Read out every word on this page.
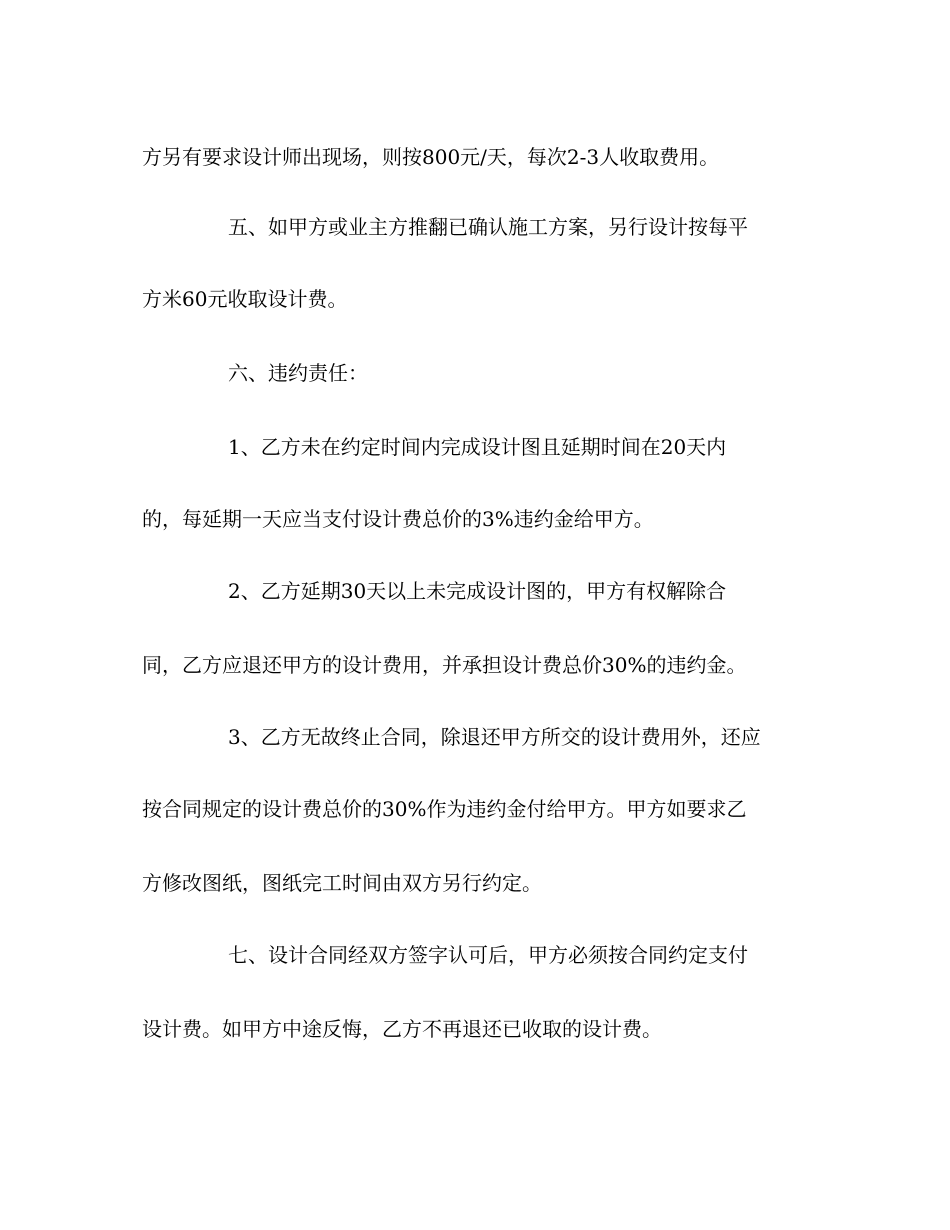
方另有要求设计师出现场，则按800元/天，每次2-3人收取费用。
五、如甲方或业主方推翻已确认施工方案，另行设计按每平
方米60元收取设计费。
六、违约责任：
1、乙方未在约定时间内完成设计图且延期时间在20天内
的，每延期一天应当支付设计费总价的3%违约金给甲方。
2、乙方延期30天以上未完成设计图的，甲方有权解除合
同，乙方应退还甲方的设计费用，并承担设计费总价30%的违约金。
3、乙方无故终止合同，除退还甲方所交的设计费用外，还应
按合同规定的设计费总价的30%作为违约金付给甲方。甲方如要求乙
方修改图纸，图纸完工时间由双方另行约定。
七、设计合同经双方签字认可后，甲方必须按合同约定支付
设计费。如甲方中途反悔，乙方不再退还已收取的设计费。
